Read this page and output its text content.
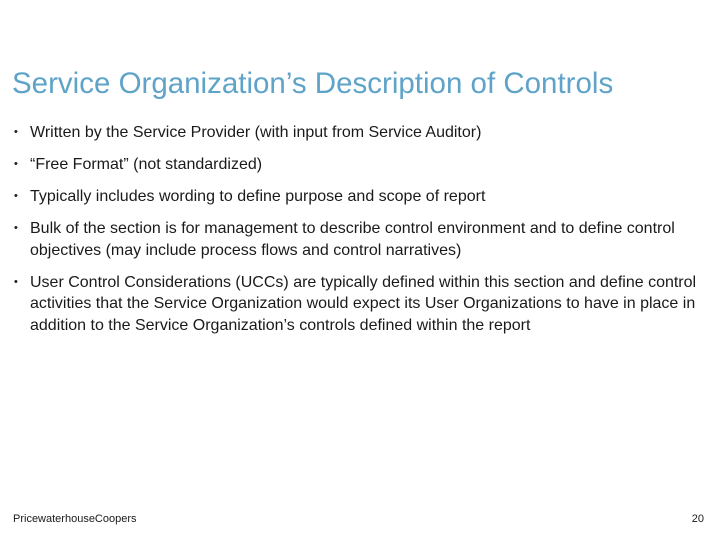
Service Organization’s Description of Controls
• Written by the Service Provider (with input from Service Auditor)
• “Free Format” (not standardized)
• Typically includes wording to define purpose and scope of report
• Bulk of the section is for management to describe control environment and to define control objectives (may include process flows and control narratives)
• User Control Considerations (UCCs) are typically defined within this section and define control activities that the Service Organization would expect its User Organizations to have in place in addition to the Service Organization’s controls defined within the report
PricewaterhouseCoopers	20
